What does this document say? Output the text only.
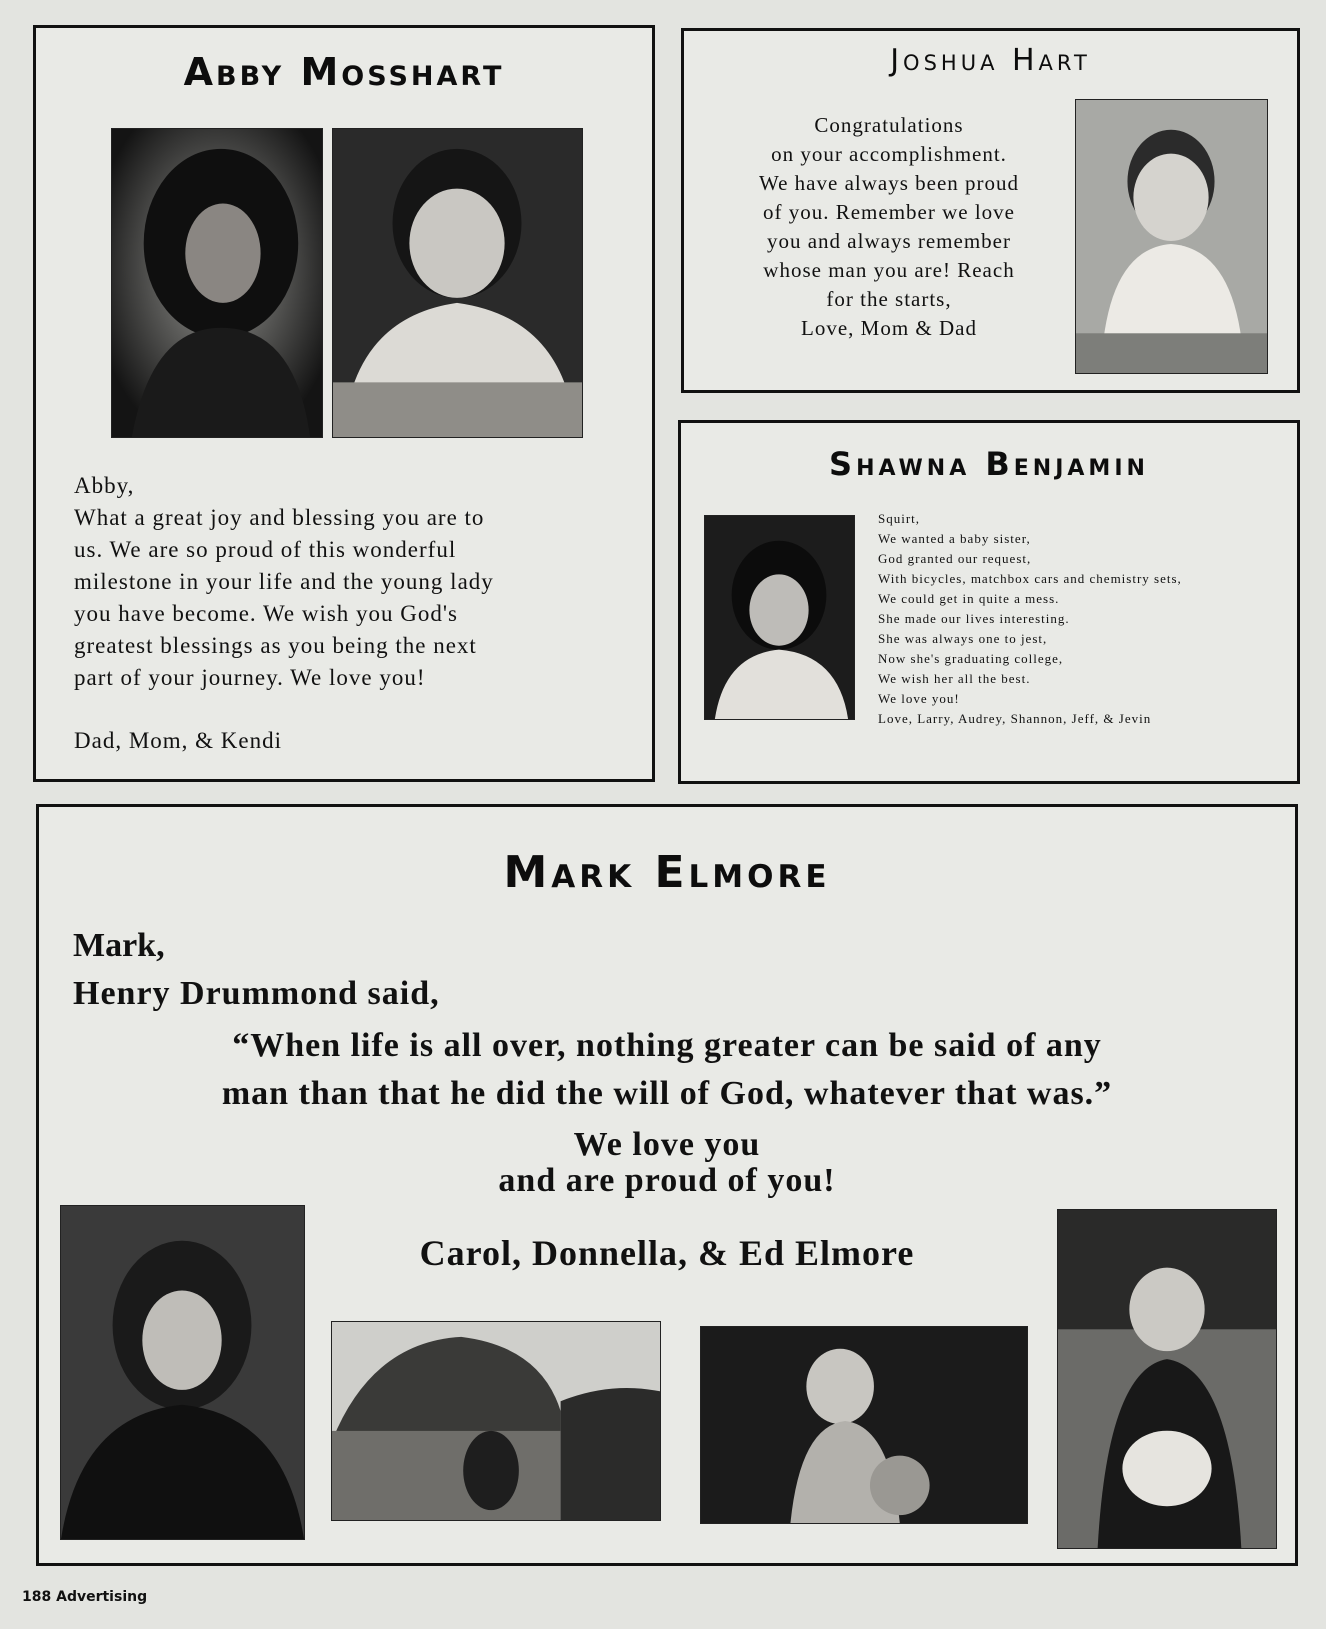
Abby Mosshart
Abby,
What a great joy and blessing you are to
us. We are so proud of this wonderful
milestone in your life and the young lady
you have become. We wish you God's
greatest blessings as you being the next
part of your journey. We love you!
Dad, Mom, & Kendi
Joshua Hart
Congratulations
on your accomplishment.
We have always been proud
of you. Remember we love
you and always remember
whose man you are! Reach
for the starts,
Love, Mom & Dad
Shawna Benjamin
Squirt,
We wanted a baby sister,
God granted our request,
With bicycles, matchbox cars and chemistry sets,
We could get in quite a mess.
She made our lives interesting.
She was always one to jest,
Now she's graduating college,
We wish her all the best.
We love you!
Love, Larry, Audrey, Shannon, Jeff, & Jevin
Mark Elmore
Mark,
Henry Drummond said,
“When life is all over, nothing greater can be said of any
man than that he did the will of God, whatever that was.”
We love you
and are proud of you!
Carol, Donnella, & Ed Elmore
188 Advertising
